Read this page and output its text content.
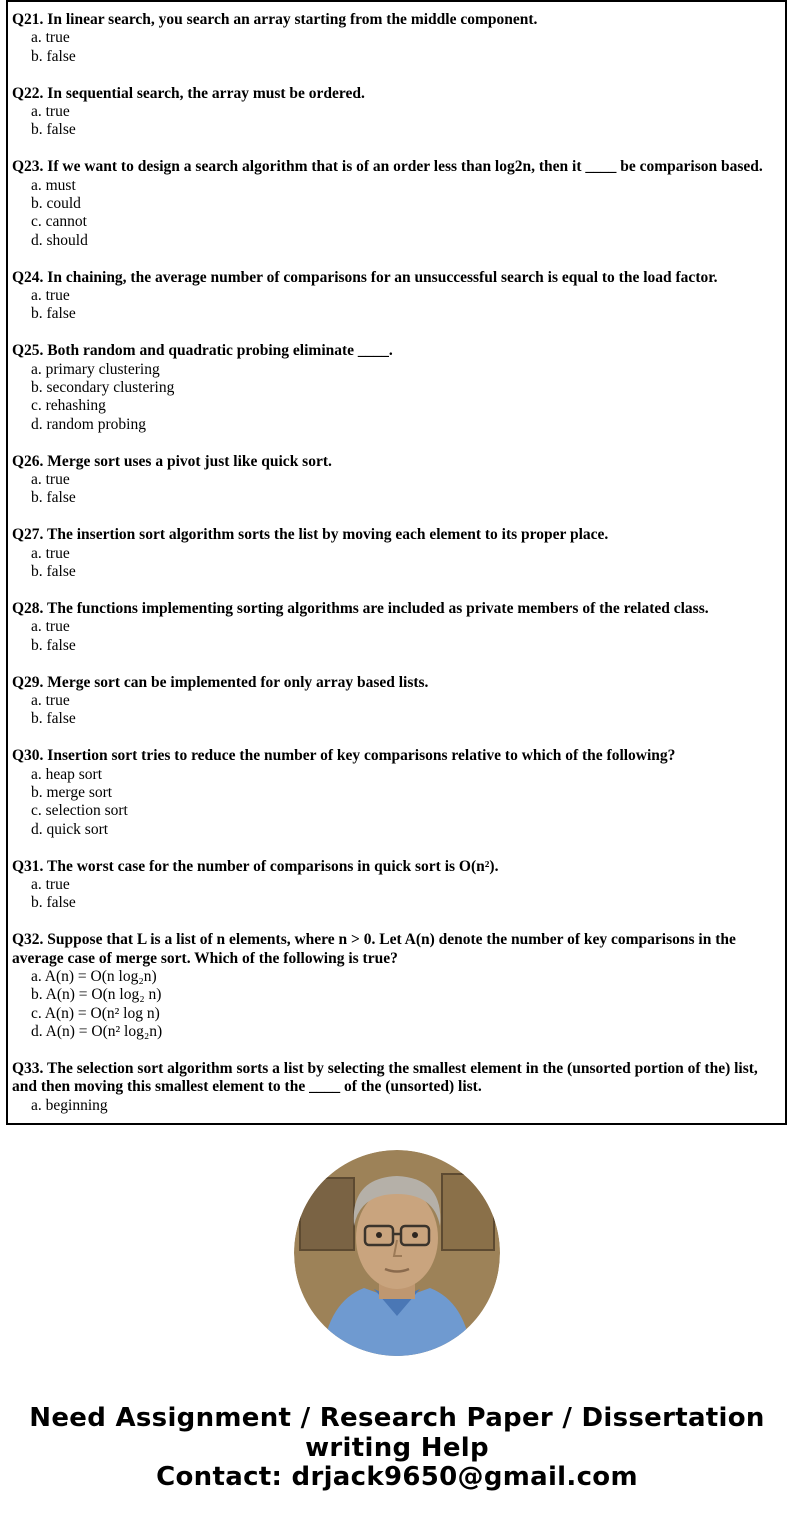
Q21. In linear search, you search an array starting from the middle component.
a. true
b. false
Q22. In sequential search, the array must be ordered.
a. true
b. false
Q23. If we want to design a search algorithm that is of an order less than log2n, then it ____ be comparison based.
a. must
b. could
c. cannot
d. should
Q24. In chaining, the average number of comparisons for an unsuccessful search is equal to the load factor.
a. true
b. false
Q25. Both random and quadratic probing eliminate ____.
a. primary clustering
b. secondary clustering
c. rehashing
d. random probing
Q26. Merge sort uses a pivot just like quick sort.
a. true
b. false
Q27. The insertion sort algorithm sorts the list by moving each element to its proper place.
a. true
b. false
Q28. The functions implementing sorting algorithms are included as private members of the related class.
a. true
b. false
Q29. Merge sort can be implemented for only array based lists.
a. true
b. false
Q30. Insertion sort tries to reduce the number of key comparisons relative to which of the following?
a. heap sort
b. merge sort
c. selection sort
d. quick sort
Q31. The worst case for the number of comparisons in quick sort is O(n²).
a. true
b. false
Q32. Suppose that L is a list of n elements, where n > 0. Let A(n) denote the number of key comparisons in the average case of merge sort. Which of the following is true?
a. A(n) = O(n log₂n)
b. A(n) = O(n log₂ n)
c. A(n) = O(n² log n)
d. A(n) = O(n² log₂n)
Q33. The selection sort algorithm sorts a list by selecting the smallest element in the (unsorted portion of the) list, and then moving this smallest element to the ____ of the (unsorted) list.
a. beginning
Need Assignment / Research Paper / Dissertation
writing Help
Contact: drjack9650@gmail.com
